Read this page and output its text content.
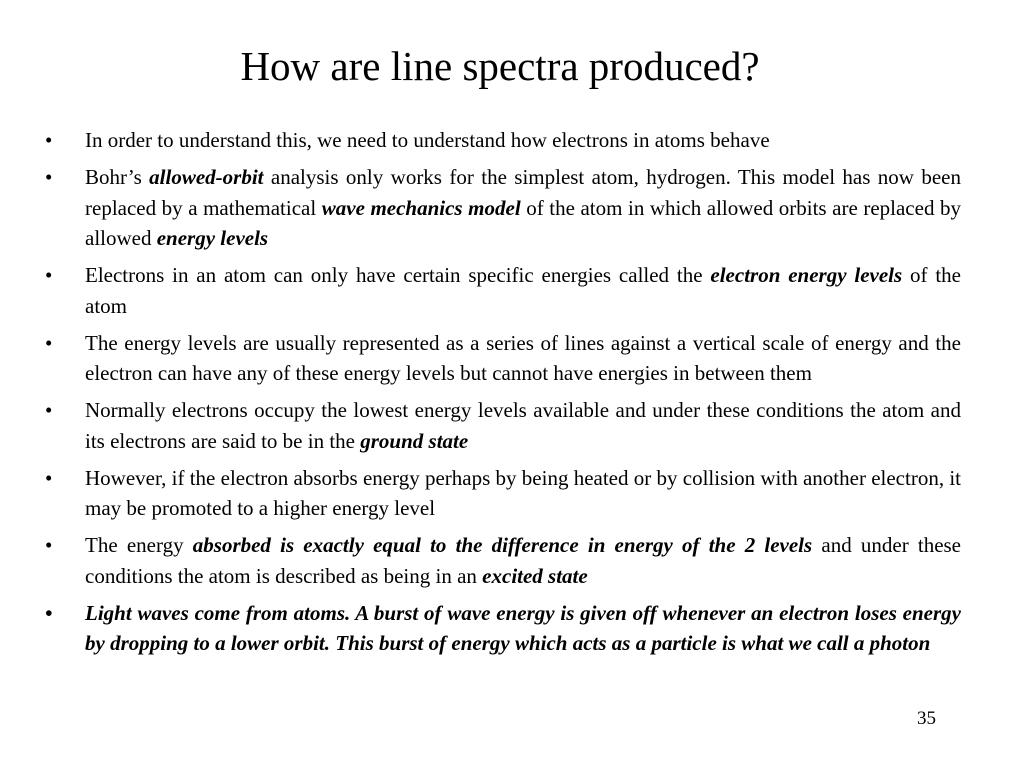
How are line spectra produced?
•	In order to understand this, we need to understand how electrons in atoms behave
•	Bohr’s allowed-orbit analysis only works for the simplest atom, hydrogen. This model has now been replaced by a mathematical wave mechanics model of the atom in which allowed orbits are replaced by allowed energy levels
•	Electrons in an atom can only have certain specific energies called the electron energy levels of the atom
•	The energy levels are usually represented as a series of lines against a vertical scale of energy and the electron can have any of these energy levels but cannot have energies in between them
•	Normally electrons occupy the lowest energy levels available and under these conditions the atom and its electrons are said to be in the ground state
•	However, if the electron absorbs energy perhaps by being heated or by collision with another electron, it may be promoted to a higher energy level
•	The energy absorbed is exactly equal to the difference in energy of the 2 levels and under these conditions the atom is described as being in an excited state
•	Light waves come from atoms. A burst of wave energy is given off whenever an electron loses energy by dropping to a lower orbit. This burst of energy which acts as a particle is what we call a photon
35
